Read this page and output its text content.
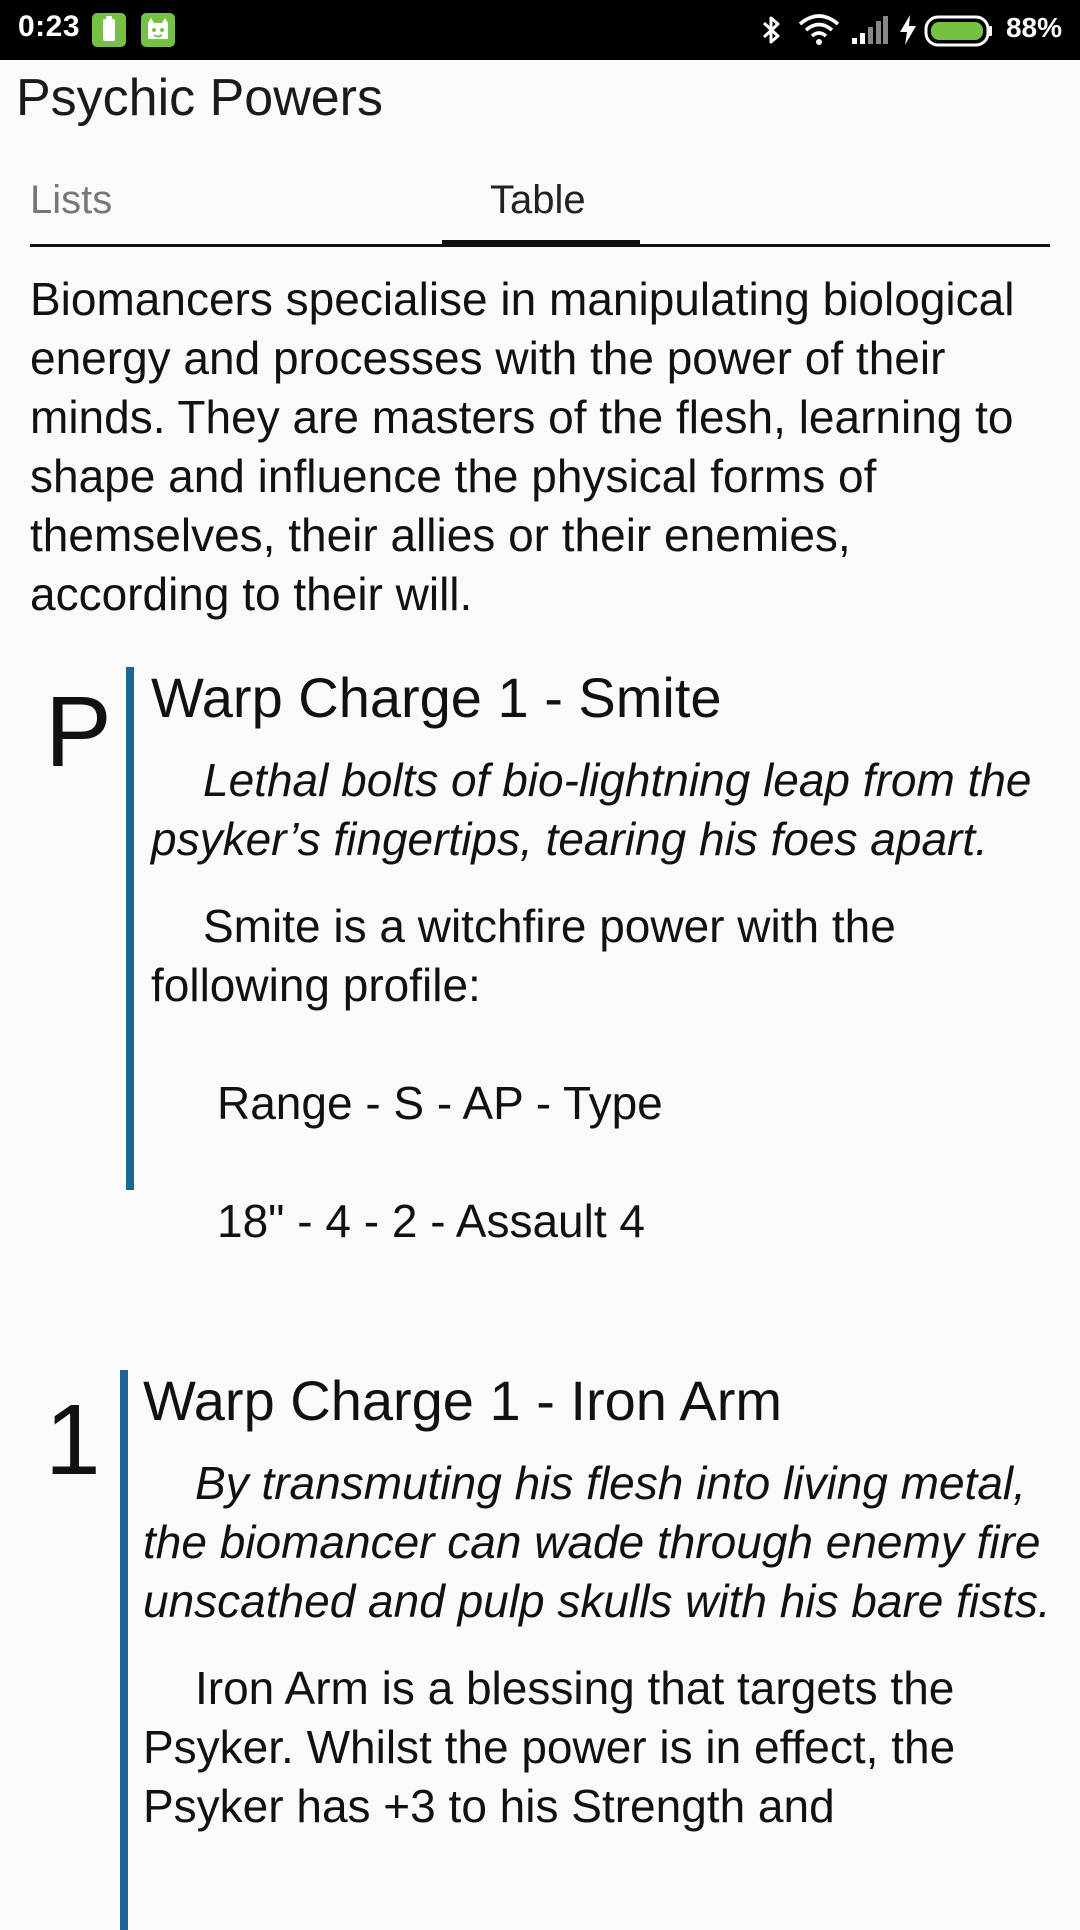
0:23	88%
Psychic Powers
Lists	Table

Biomancers specialise in manipulating biological energy and processes with the power of their minds. They are masters of the flesh, learning to shape and influence the physical forms of themselves, their allies or their enemies, according to their will.

P Warp Charge 1 - Smite

Lethal bolts of bio-lightning leap from the psyker’s fingertips, tearing his foes apart.

Smite is a witchfire power with the following profile:

Range - S - AP - Type
18" - 4 - 2 - Assault 4
1 Warp Charge 1 - Iron Arm

By transmuting his flesh into living metal, the biomancer can wade through enemy fire unscathed and pulp skulls with his bare fists.

Iron Arm is a blessing that targets the Psyker. Whilst the power is in effect, the Psyker has +3 to his Strength and
